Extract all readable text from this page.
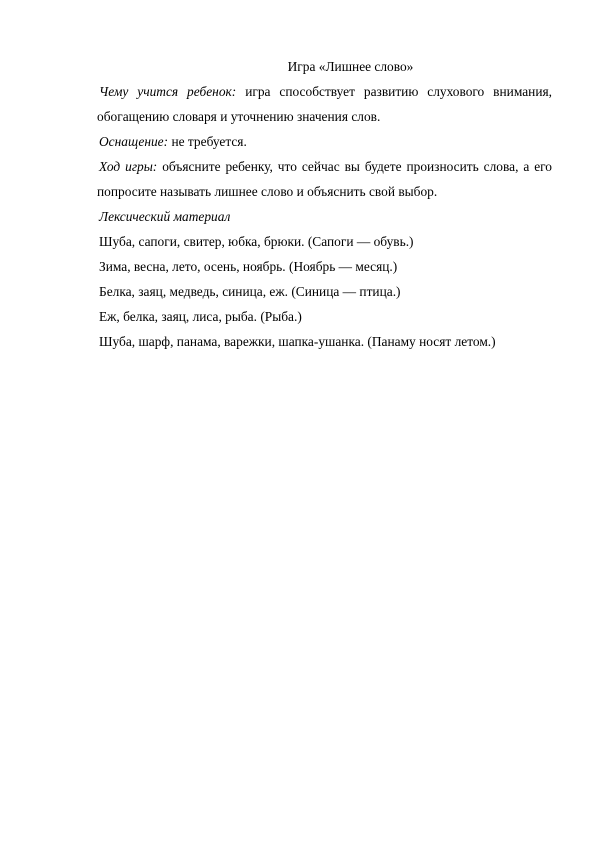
Игра «Лишнее слово»

Чему учится ребенок: игра способствует развитию слухового внимания,

обогащению словаря и уточнению значения слов.

Оснащение: не требуется.

Ход игры: объясните ребенку, что сейчас вы будете произносить слова, а его

попросите называть лишнее слово и объяснить свой выбор.

Лексический материал

Шуба, сапоги, свитер, юбка, брюки. (Сапоги — обувь.)

Зима, весна, лето, осень, ноябрь. (Ноябрь — месяц.)

Белка, заяц, медведь, синица, еж. (Синица — птица.)

Еж, белка, заяц, лиса, рыба. (Рыба.)

Шуба, шарф, панама, варежки, шапка-ушанка. (Панаму носят летом.)
